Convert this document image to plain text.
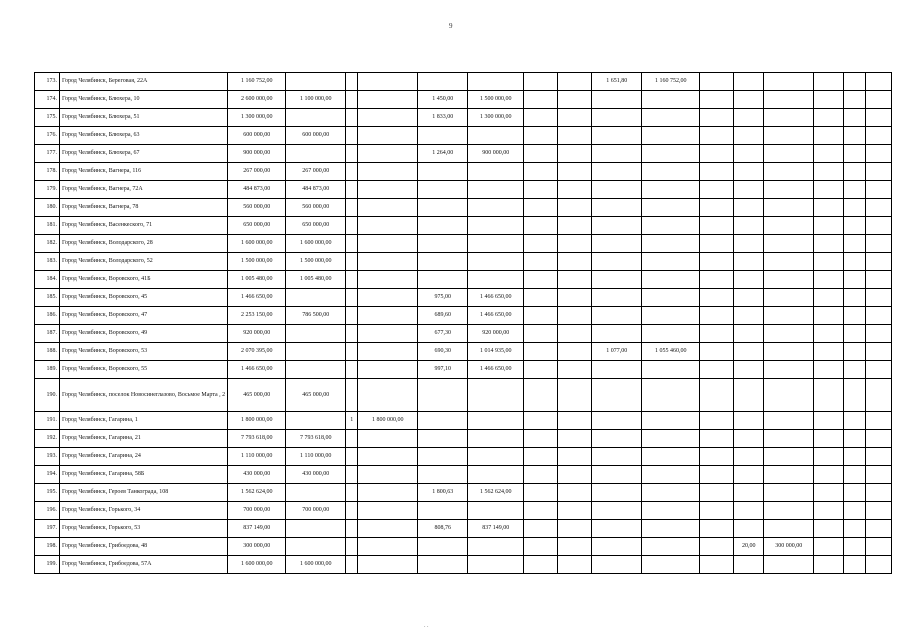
9
173.	Город Челябинск, Береговая, 22А	1 160 752,00								1 651,80	1 160 752,00						
174.	Город Челябинск, Блюхера, 10	2 600 000,00	1 100 000,00			1 450,00	1 500 000,00										
175.	Город Челябинск, Блюхера, 51	1 300 000,00				1 833,00	1 300 000,00										
176.	Город Челябинск, Блюхера, 63	600 000,00	600 000,00														
177.	Город Челябинск, Блюхера, 67	900 000,00				1 264,00	900 000,00										
178.	Город Челябинск, Вагнера, 116	267 000,00	267 000,00														
179.	Город Челябинск, Вагнера, 72А	484 873,00	484 873,00														
180.	Город Челябинск, Вагнера, 78	560 000,00	560 000,00														
181.	Город Челябинск, Васенкеского, 71	650 000,00	650 000,00														
182.	Город Челябинск, Володарского, 28	1 600 000,00	1 600 000,00														
183.	Город Челябинск, Володарского, 52	1 500 000,00	1 500 000,00														
184.	Город Челябинск, Воровского, 41Б	1 005 480,00	1 005 480,00														
185.	Город Челябинск, Воровского, 45	1 466 650,00				975,00	1 466 650,00										
186.	Город Челябинск, Воровского, 47	2 253 150,00	786 500,00			689,60	1 466 650,00										
187.	Город Челябинск, Воровского, 49	920 000,00				677,30	920 000,00										
188.	Город Челябинск, Воровского, 53	2 070 395,00				690,30	1 014 935,00			1 077,00	1 055 460,00						
189.	Город Челябинск, Воровского, 55	1 466 650,00				997,10	1 466 650,00										
190.	Город Челябинск, поселок Новосинеглазово, Восьмое Марта , 2	465 000,00	465 000,00														
191.	Город Челябинск, Гагарина, 1	1 800 000,00		1	1 800 000,00												
192.	Город Челябинск, Гагарина, 21	7 793 618,00	7 793 618,00														
193.	Город Челябинск, Гагарина, 24	1 110 000,00	1 110 000,00														
194.	Город Челябинск, Гагарина, 58Б	430 000,00	430 000,00														
195.	Город Челябинск, Героев Танкограда, 108	1 562 624,00				1 800,63	1 562 624,00										
196.	Город Челябинск, Горького, 34	700 000,00	700 000,00														
197.	Город Челябинск, Горького, 53	837 149,00				808,76	837 149,00										
198.	Город Челябинск, Грибоедова, 48	300 000,00											20,00	300 000,00			
199.	Город Челябинск, Грибоедова, 57А	1 600 000,00	1 600 000,00														
. .
